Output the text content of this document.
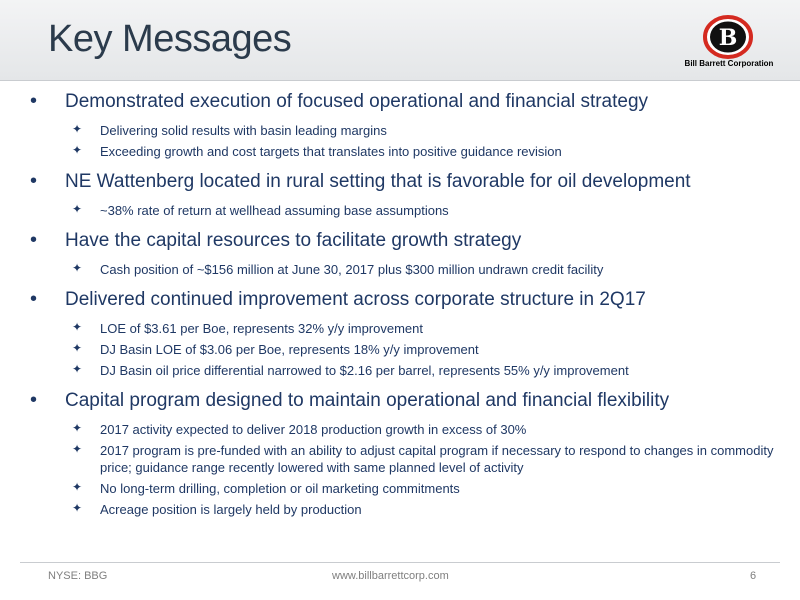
Key Messages	B
Bill Barrett Corporation
• Demonstrated execution of focused operational and financial strategy
✦ Delivering solid results with basin leading margins
✦ Exceeding growth and cost targets that translates into positive guidance revision
• NE Wattenberg located in rural setting that is favorable for oil development
✦ ~38% rate of return at wellhead assuming base assumptions
• Have the capital resources to facilitate growth strategy
✦ Cash position of ~$156 million at June 30, 2017 plus $300 million undrawn credit facility
• Delivered continued improvement across corporate structure in 2Q17
✦ LOE of $3.61 per Boe, represents 32% y/y improvement
✦ DJ Basin LOE of $3.06 per Boe, represents 18% y/y improvement
✦ DJ Basin oil price differential narrowed to $2.16 per barrel, represents 55% y/y improvement
• Capital program designed to maintain operational and financial flexibility
✦ 2017 activity expected to deliver 2018 production growth in excess of 30%
✦ 2017 program is pre-funded with an ability to adjust capital program if necessary to respond to changes in commodity price; guidance range recently lowered with same planned level of activity
✦ No long-term drilling, completion or oil marketing commitments
✦ Acreage position is largely held by production
NYSE: BBG	www.billbarrettcorp.com	6
